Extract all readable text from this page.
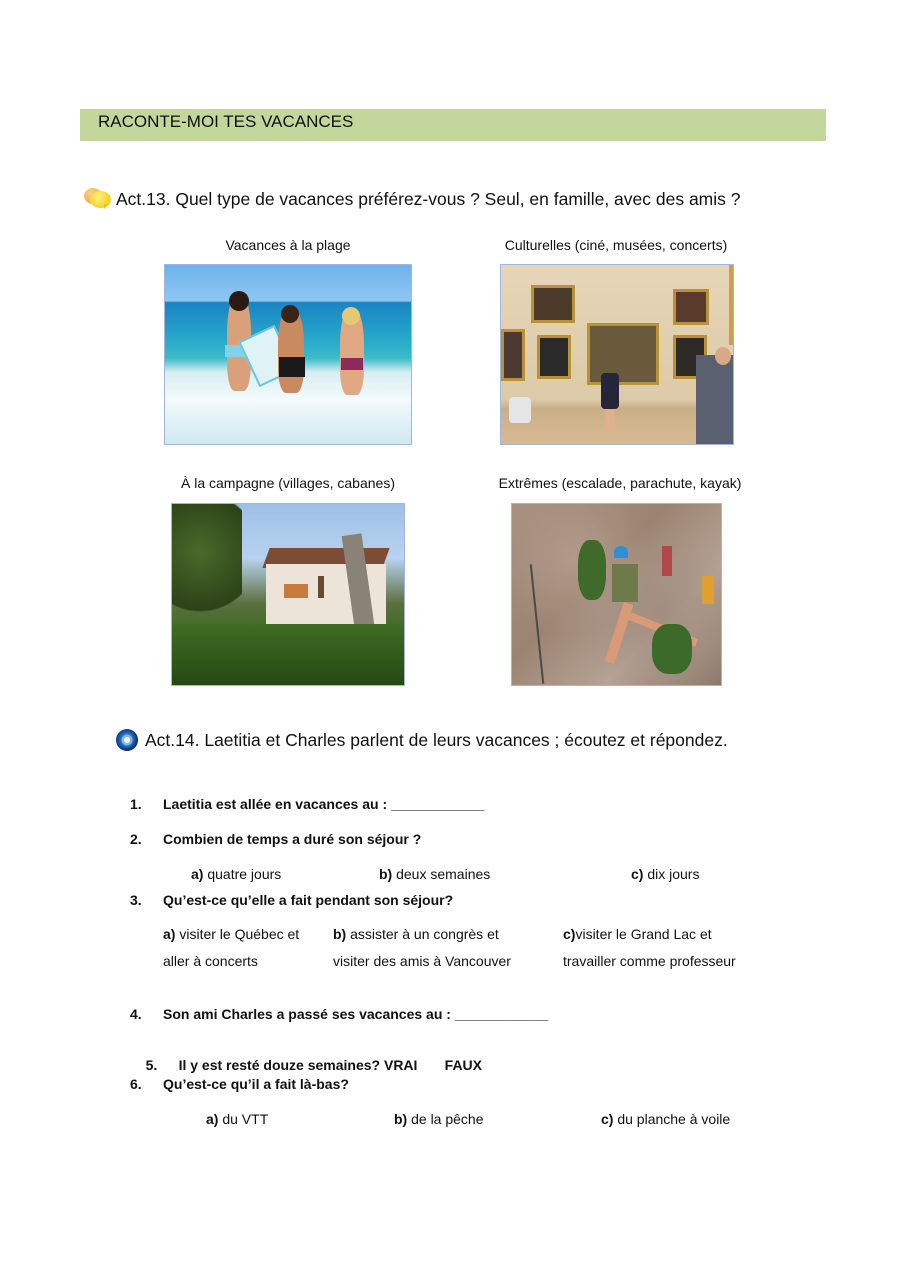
RACONTE-MOI TES VACANCES
Act.13. Quel type de vacances préférez-vous ? Seul, en famille, avec des amis ?
Vacances à la plage	Culturelles (ciné, musées, concerts)
À la campagne (villages, cabanes)	Extrêmes (escalade, parachute, kayak)
Act.14. Laetitia et Charles parlent de leurs vacances ; écoutez et répondez.
1. Laetitia est allée en vacances au : ____________
2. Combien de temps a duré son séjour ?
a) quatre jours	b) deux semaines	c) dix jours
3. Qu’est-ce qu’elle a fait pendant son séjour?
a) visiter le Québec et
aller à concerts
b) assister à un congrès et
visiter des amis à Vancouver
c)visiter le Grand Lac et
travailler comme professeur
4. Son ami Charles a passé ses vacances au : ____________

5. Il y est resté douze semaines? VRAI       FAUX

6. Qu’est-ce qu’il a fait là-bas?
a) du VTT	b) de la pêche	c) du planche à voile
